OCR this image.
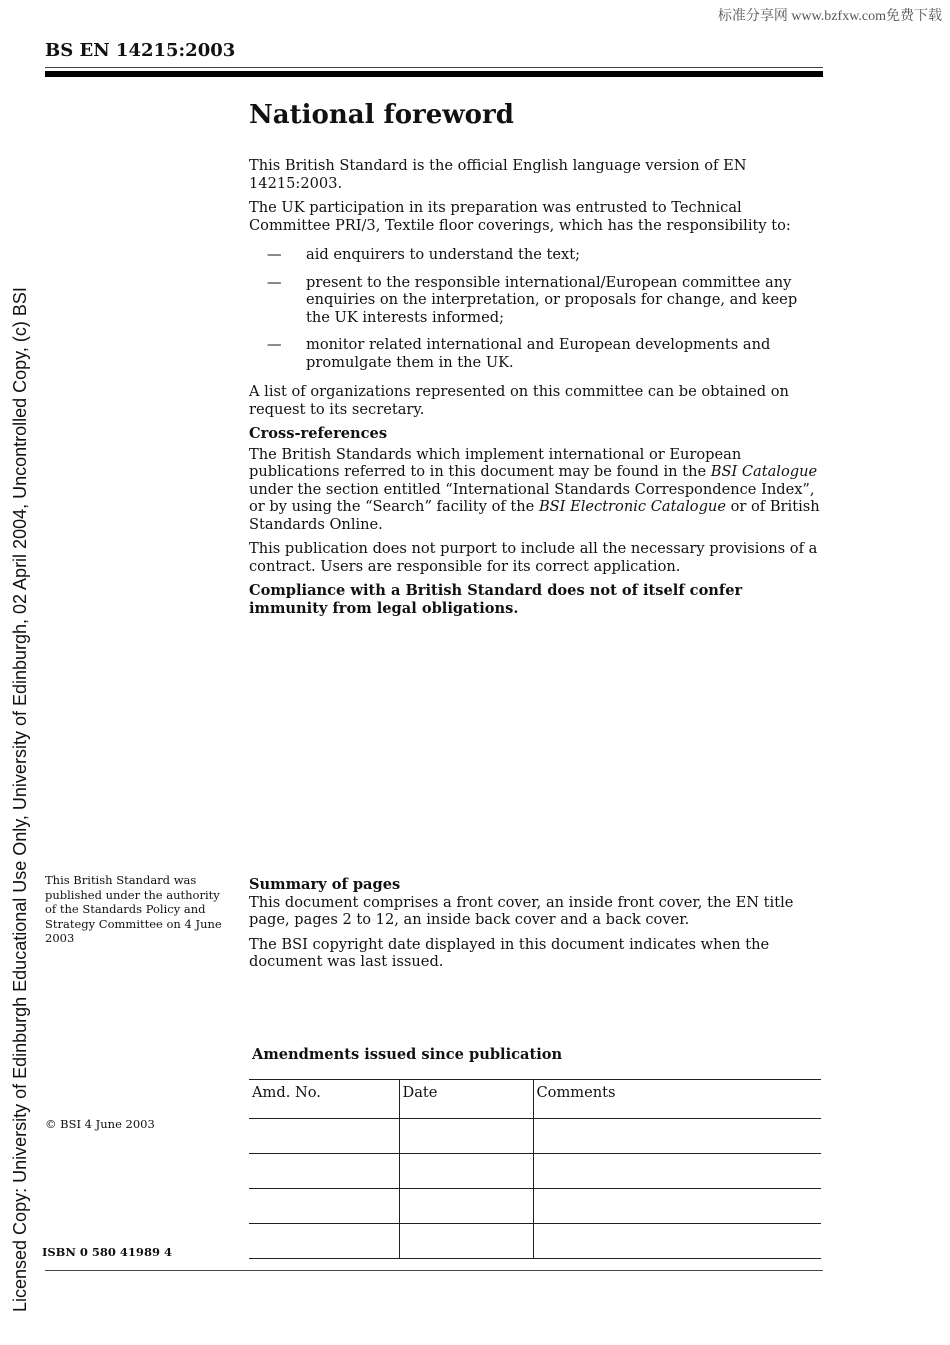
标准分享网 www.bzfxw.com免费下载
BS EN 14215:2003
Licensed Copy: University of Edinburgh Educational Use Only, University of Edinburgh, 02 April 2004, Uncontrolled Copy, (c) BSI
National foreword

This British Standard is the official English language version of EN 14215:2003.

The UK participation in its preparation was entrusted to Technical Committee PRI/3, Textile floor coverings, which has the responsibility to:

— aid enquirers to understand the text;
— present to the responsible international/European committee any enquiries on the interpretation, or proposals for change, and keep the UK interests informed;
— monitor related international and European developments and promulgate them in the UK.

A list of organizations represented on this committee can be obtained on request to its secretary.

Cross-references

The British Standards which implement international or European publications referred to in this document may be found in the BSI Catalogue under the section entitled “International Standards Correspondence Index”, or by using the “Search” facility of the BSI Electronic Catalogue or of British Standards Online.

This publication does not purport to include all the necessary provisions of a contract. Users are responsible for its correct application.

Compliance with a British Standard does not of itself confer immunity from legal obligations.

This British Standard was published under the authority of the Standards Policy and Strategy Committee on 4 June 2003

Summary of pages

This document comprises a front cover, an inside front cover, the EN title page, pages 2 to 12, an inside back cover and a back cover.

The BSI copyright date displayed in this document indicates when the document was last issued.

Amendments issued since publication
Amd. No.	Date	Comments

© BSI 4 June 2003
ISBN 0 580 41989 4
